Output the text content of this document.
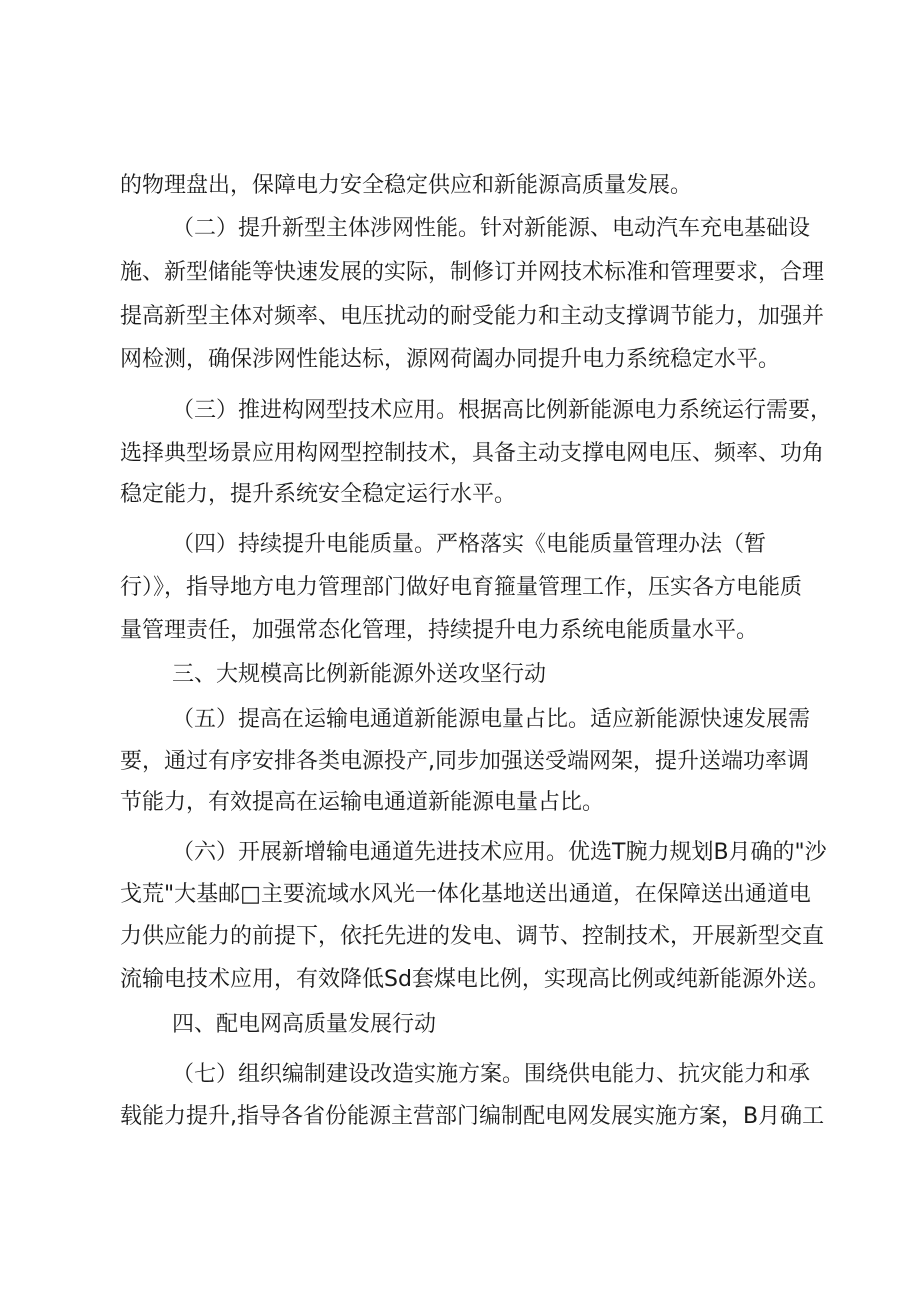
的物理盘出，保障电力安全稳定供应和新能源高质量发展。
（二）提升新型主体涉网性能。针对新能源、电动汽车充电基础设
施、新型储能等快速发展的实际，制修订并网技术标准和管理要求，合理
提高新型主体对频率、电压扰动的耐受能力和主动支撑调节能力，加强并
网检测，确保涉网性能达标，源网荷阖办同提升电力系统稳定水平。
（三）推进构网型技术应用。根据高比例新能源电力系统运行需要，
选择典型场景应用构网型控制技术，具备主动支撑电网电压、频率、功角
稳定能力，提升系统安全稳定运行水平。
（四）持续提升电能质量。严格落实《电能质量管理办法（暂
行）》，指导地方电力管理部门做好电育箍量管理工作，压实各方电能质
量管理责任，加强常态化管理，持续提升电力系统电能质量水平。
三、大规模高比例新能源外送攻坚行动
（五）提高在运输电通道新能源电量占比。适应新能源快速发展需
要，通过有序安排各类电源投产,同步加强送受端网架，提升送端功率调
节能力，有效提高在运输电通道新能源电量占比。
（六）开展新增输电通道先进技术应用。优选T腕力规划B月确的"沙
戈荒"大基邮□主要流域水风光一体化基地送出通道，在保障送出通道电
力供应能力的前提下，依托先进的发电、调节、控制技术，开展新型交直
流输电技术应用，有效降低Sd套煤电比例，实现高比例或纯新能源外送。
四、配电网高质量发展行动
（七）组织编制建设改造实施方案。围绕供电能力、抗灾能力和承
载能力提升,指导各省份能源主营部门编制配电网发展实施方案，B月确工
